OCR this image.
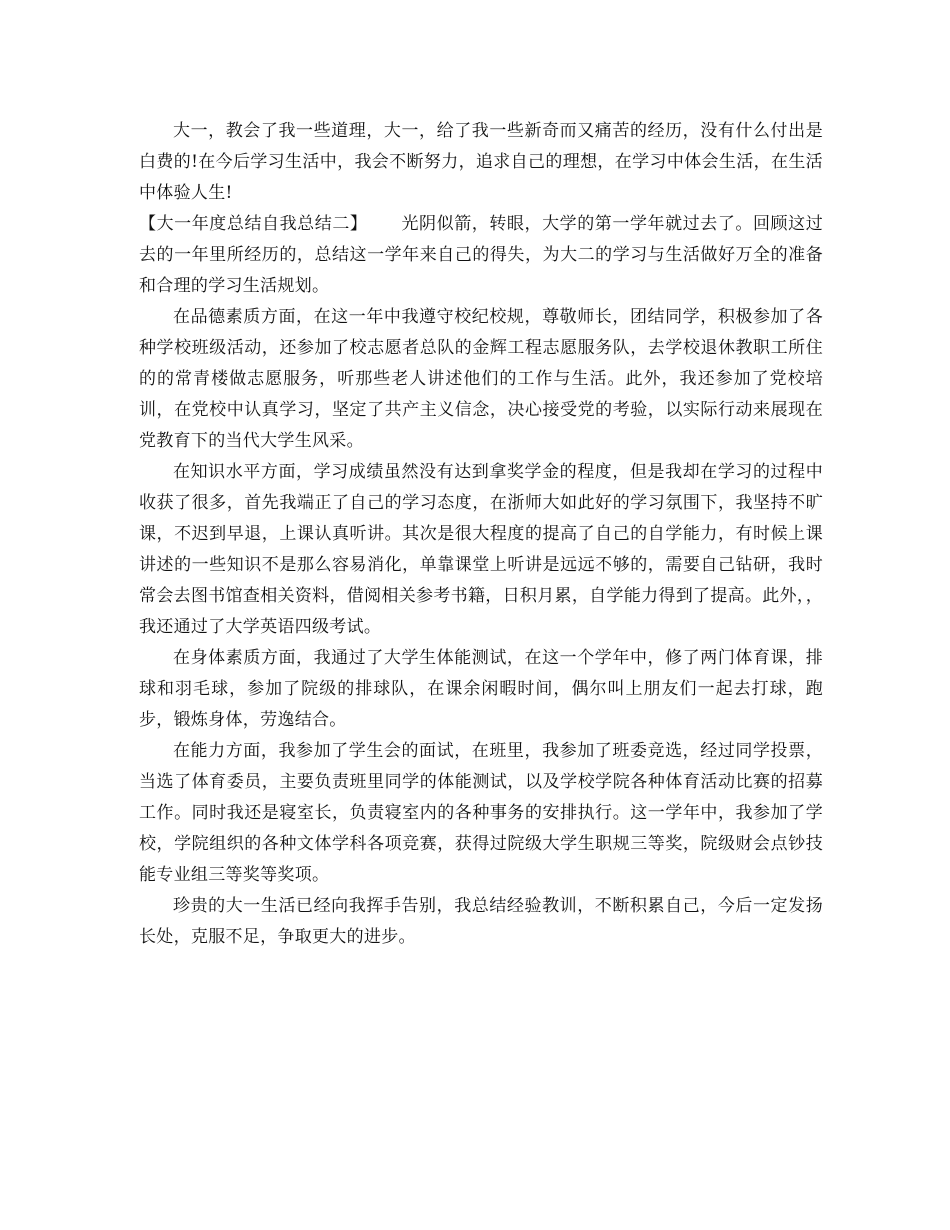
大一，教会了我一些道理，大一，给了我一些新奇而又痛苦的经历，没有什么付出是白费的!在今后学习生活中，我会不断努力，追求自己的理想，在学习中体会生活，在生活中体验人生!

【大一年度总结自我总结二】 光阴似箭，转眼，大学的第一学年就过去了。回顾这过去的一年里所经历的，总结这一学年来自己的得失，为大二的学习与生活做好万全的准备和合理的学习生活规划。

在品德素质方面，在这一年中我遵守校纪校规，尊敬师长，团结同学，积极参加了各种学校班级活动，还参加了校志愿者总队的金辉工程志愿服务队，去学校退休教职工所住的的常青楼做志愿服务，听那些老人讲述他们的工作与生活。此外，我还参加了党校培训，在党校中认真学习，坚定了共产主义信念，决心接受党的考验，以实际行动来展现在党教育下的当代大学生风采。

在知识水平方面，学习成绩虽然没有达到拿奖学金的程度，但是我却在学习的过程中收获了很多，首先我端正了自己的学习态度，在浙师大如此好的学习氛围下，我坚持不旷课，不迟到早退，上课认真听讲。其次是很大程度的提高了自己的自学能力，有时候上课讲述的一些知识不是那么容易消化，单靠课堂上听讲是远远不够的，需要自己钻研，我时常会去图书馆查相关资料，借阅相关参考书籍，日积月累，自学能力得到了提高。此外，，我还通过了大学英语四级考试。

在身体素质方面，我通过了大学生体能测试，在这一个学年中，修了两门体育课，排球和羽毛球，参加了院级的排球队，在课余闲暇时间，偶尔叫上朋友们一起去打球，跑步，锻炼身体，劳逸结合。

在能力方面，我参加了学生会的面试，在班里，我参加了班委竞选，经过同学投票，当选了体育委员，主要负责班里同学的体能测试，以及学校学院各种体育活动比赛的招募工作。同时我还是寝室长，负责寝室内的各种事务的安排执行。这一学年中，我参加了学校，学院组织的各种文体学科各项竞赛，获得过院级大学生职规三等奖，院级财会点钞技能专业组三等奖等奖项。

珍贵的大一生活已经向我挥手告别，我总结经验教训，不断积累自己，今后一定发扬长处，克服不足，争取更大的进步。
